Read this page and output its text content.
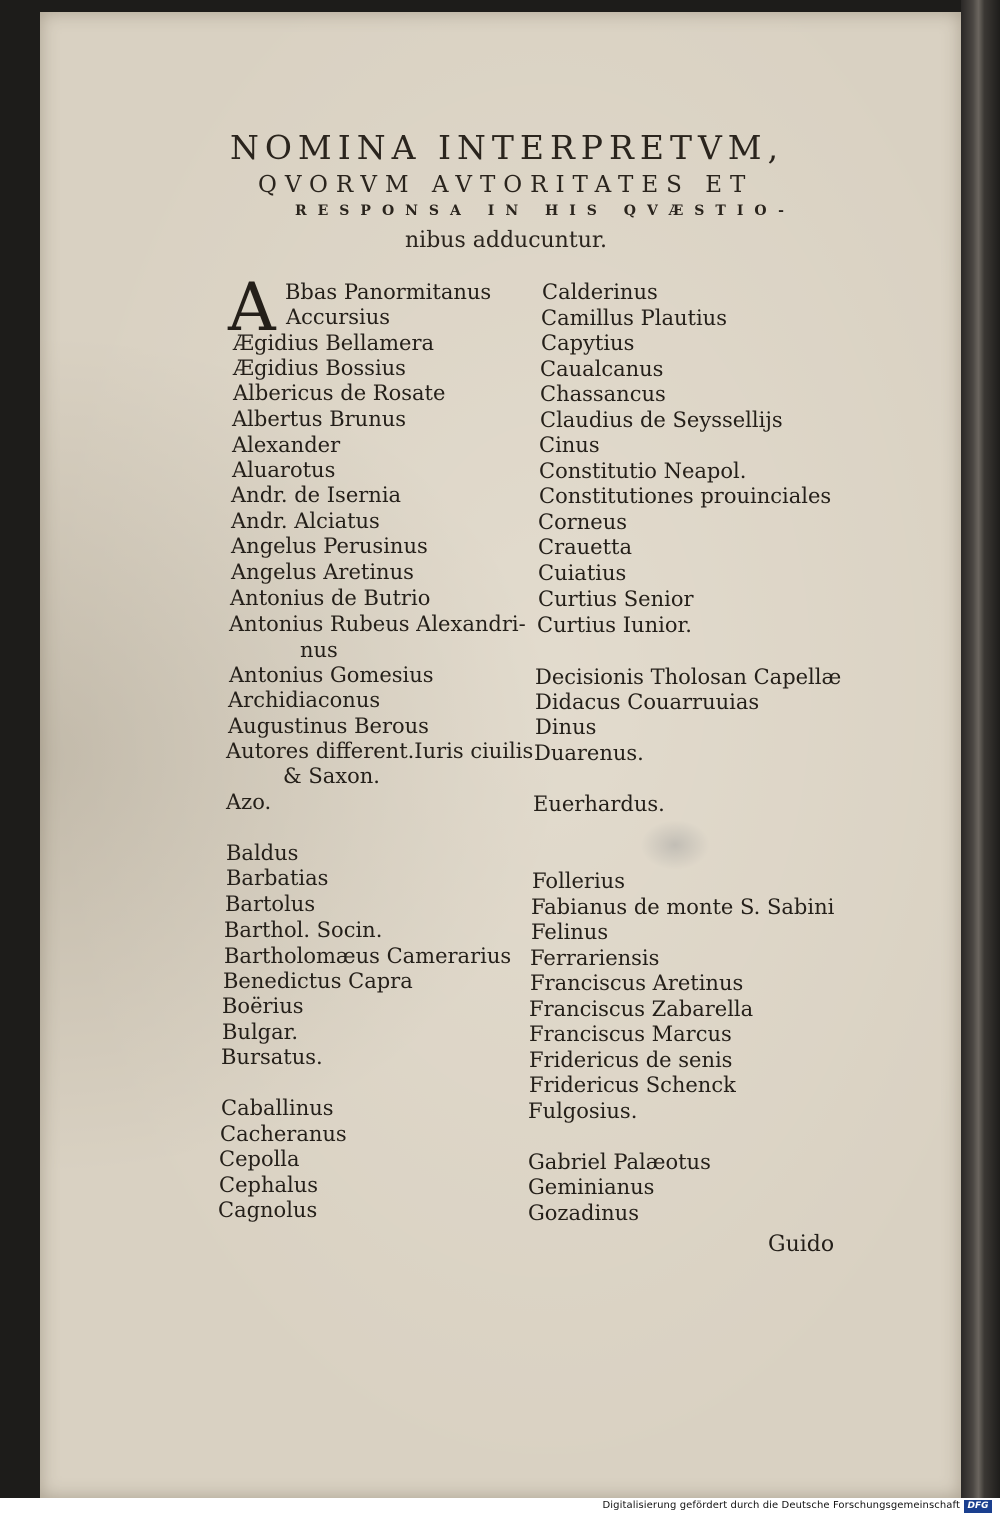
NOMINA INTERPRETVM,
QVORVM AVTORITATES ET
RESPONSA IN HIS QVÆSTIO-
nibus adducuntur.
A Bbas Panormitanus
Accursius
Ægidius Bellamera
Ægidius Bossius
Albericus de Rosate
Albertus Brunus
Alexander
Aluarotus
Andr. de Isernia
Andr. Alciatus
Angelus Perusinus
Angelus Aretinus
Antonius de Butrio
Antonius Rubeus Alexandri-
nus
Antonius Gomesius
Archidiaconus
Augustinus Berous
Autores different.Iuris ciuilis
& Saxon.
Azo.
Baldus
Barbatias
Bartolus
Barthol. Socin.
Bartholomæus Camerarius
Benedictus Capra
Boërius
Bulgar.
Bursatus.
Caballinus
Cacheranus
Cepolla
Cephalus
Cagnolus
Calderinus
Camillus Plautius
Capytius
Caualcanus
Chassancus
Claudius de Seyssellijs
Cinus
Constitutio Neapol.
Constitutiones prouinciales
Corneus
Crauetta
Cuiatius
Curtius Senior
Curtius Iunior.
Decisionis Tholosan Capellæ
Didacus Couarruuias
Dinus
Duarenus.
Euerhardus.
Follerius
Fabianus de monte S. Sabini
Felinus
Ferrariensis
Franciscus Aretinus
Franciscus Zabarella
Franciscus Marcus
Fridericus de senis
Fridericus Schenck
Fulgosius.
Gabriel Palæotus
Geminianus
Gozadinus
Guido
Digitalisierung gefördert durch die Deutsche Forschungsgemeinschaft DFG
